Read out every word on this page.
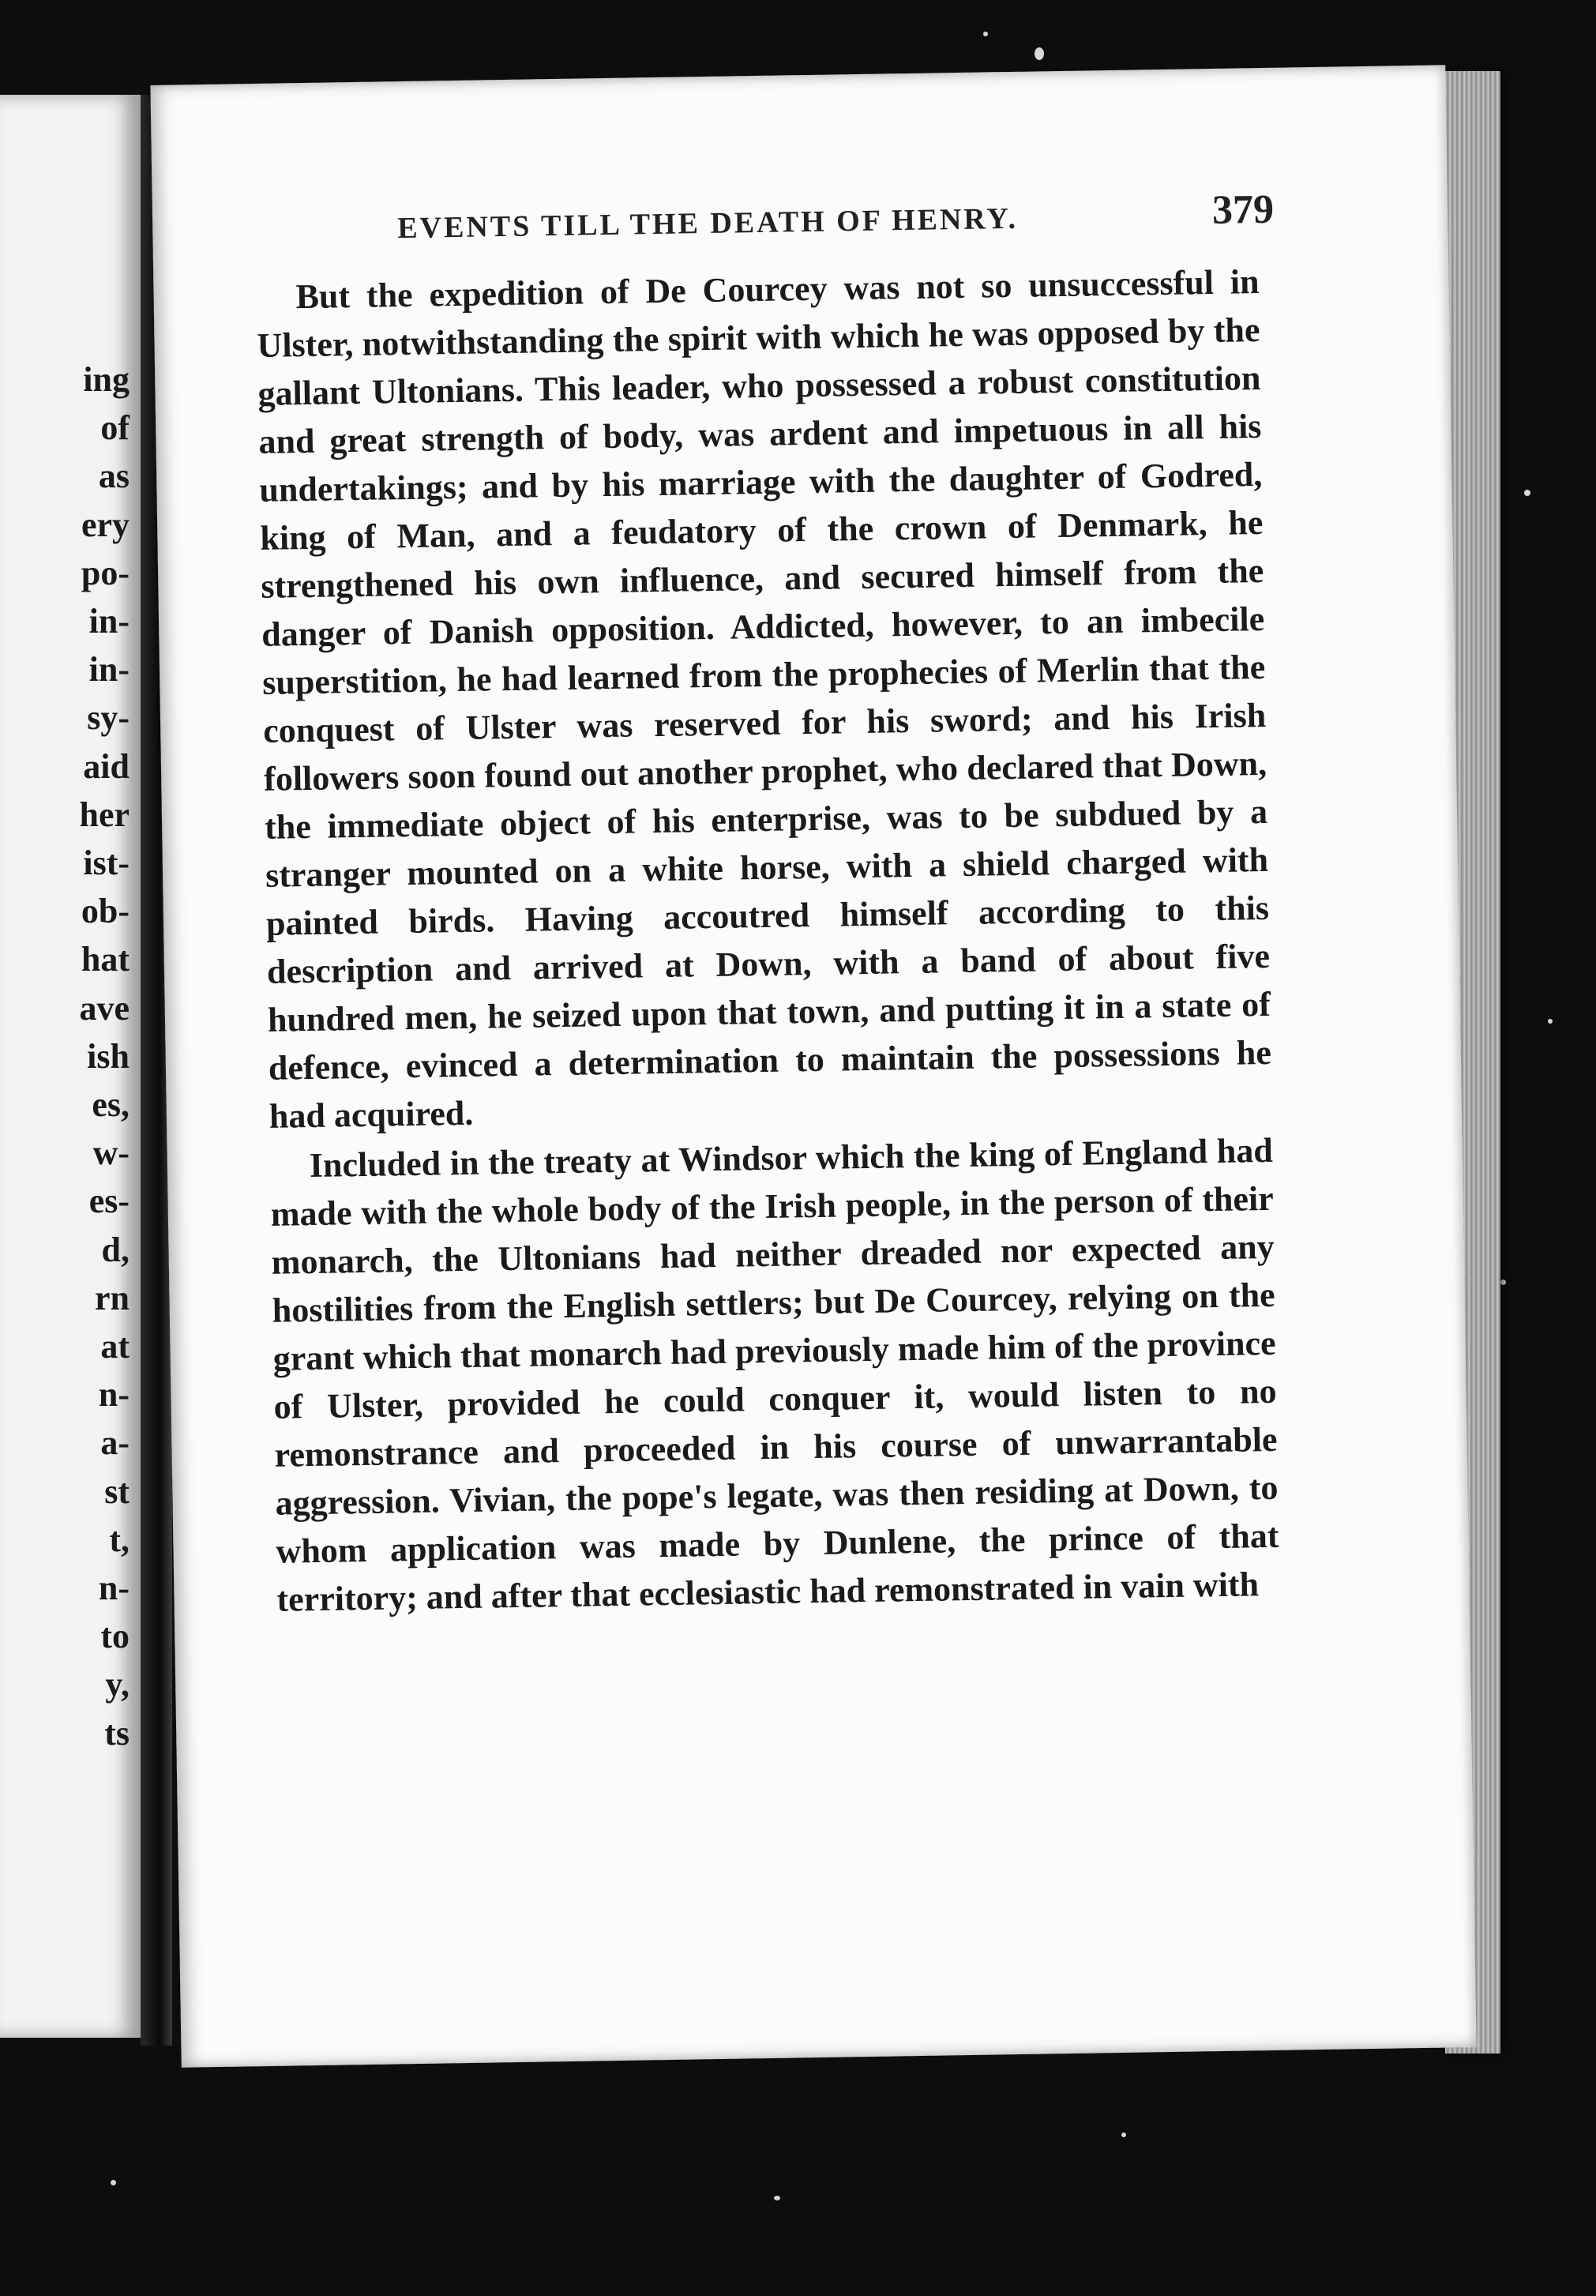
ing
of
as
ery
po-
in-
in-
sy-
aid
her
ist-
ob-
hat
ave
ish
es,
w-
es-
d,
rn
at
n-
a-
st
t,
n-
to
y,
ts
EVENTS TILL THE DEATH OF HENRY.	379

But the expedition of De Courcey was not so unsuccessful in Ulster, notwithstanding the spirit with which he was opposed by the gallant Ultonians. This leader, who possessed a robust constitution and great strength of body, was ardent and impetuous in all his undertakings; and by his marriage with the daughter of Godred, king of Man, and a feudatory of the crown of Denmark, he strengthened his own influence, and secured himself from the danger of Danish opposition. Addicted, however, to an imbecile superstition, he had learned from the prophecies of Merlin that the conquest of Ulster was reserved for his sword; and his Irish followers soon found out another prophet, who declared that Down, the immediate object of his enterprise, was to be subdued by a stranger mounted on a white horse, with a shield charged with painted birds. Having accoutred himself according to this description and arrived at Down, with a band of about five hundred men, he seized upon that town, and putting it in a state of defence, evinced a determination to maintain the possessions he had acquired.

Included in the treaty at Windsor which the king of England had made with the whole body of the Irish people, in the person of their monarch, the Ultonians had neither dreaded nor expected any hostilities from the English settlers; but De Courcey, relying on the grant which that monarch had previously made him of the province of Ulster, provided he could conquer it, would listen to no remonstrance and proceeded in his course of unwarrantable aggression. Vivian, the pope's legate, was then residing at Down, to whom application was made by Dunlene, the prince of that territory; and after that ecclesiastic had remonstrated in vain with
